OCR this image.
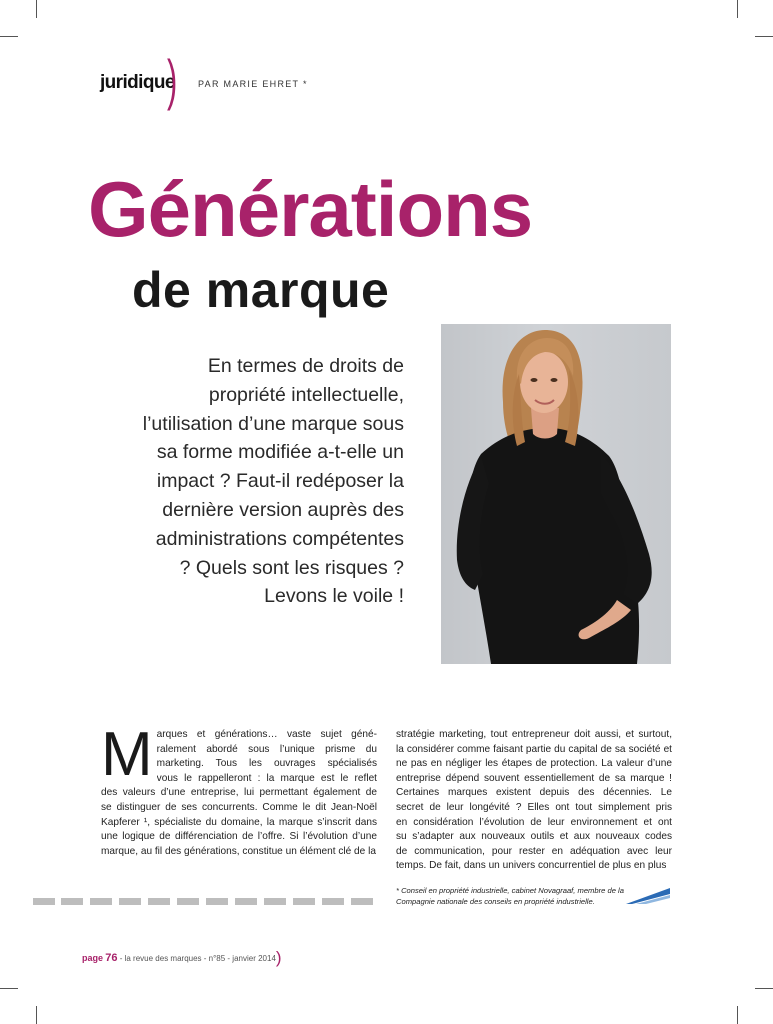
juridique
) PAR MARIE EHRET *
Générations
de marque
En termes de droits de propriété intellectuelle, l’utilisation d’une marque sous sa forme modifiée a-t-elle un impact ? Faut-il redéposer la dernière version auprès des administrations compétentes ? Quels sont les risques ? Levons le voile !
M arques et générations… vaste sujet géné-
ralement abordé sous l’unique prisme du
marketing. Tous les ouvrages spécialisés
vous le rappelleront : la marque est le reflet
des valeurs d’une entreprise, lui permettant également de
se distinguer de ses concurrents. Comme le dit Jean-Noël
Kapferer ¹, spécialiste du domaine, la marque s’inscrit dans
une logique de différenciation de l’offre. Si l’évolution d’une
marque, au fil des générations, constitue un élément clé de la

stratégie marketing, tout entrepreneur doit aussi, et surtout,
la considérer comme faisant partie du capital de sa société et
ne pas en négliger les étapes de protection. La valeur d’une
entreprise dépend souvent essentiellement de sa marque !
Certaines marques existent depuis des décennies. Le
secret de leur longévité ? Elles ont tout simplement pris
en considération l’évolution de leur environnement et ont
su s’adapter aux nouveaux outils et aux nouveaux codes
de communication, pour rester en adéquation avec leur
temps. De fait, dans un univers concurrentiel de plus en plus

* Conseil en propriété industrielle, cabinet Novagraaf, membre de la Compagnie nationale des conseils en propriété industrielle.
page 76 - la revue des marques - n°85 - janvier 2014)
